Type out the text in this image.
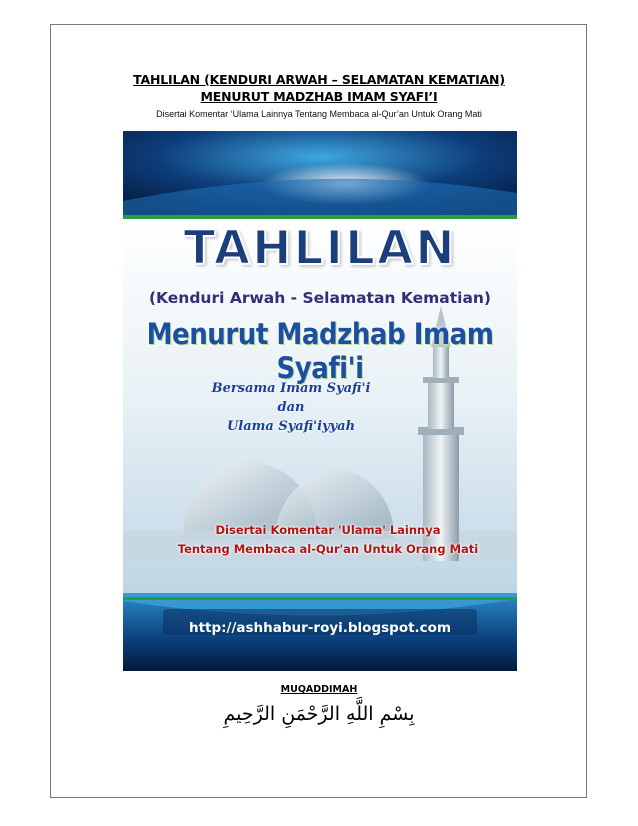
TAHLILAN (KENDURI ARWAH – SELAMATAN KEMATIAN)
MENURUT MADZHAB IMAM SYAFI’I
Disertai Komentar ‘Ulama Lainnya Tentang Membaca al-Qur’an Untuk Orang Mati
TAHLILAN
(Kenduri Arwah - Selamatan Kematian)
Menurut Madzhab Imam Syafi'i
Bersama Imam Syafi'i dan
Ulama Syafi'iyyah
Disertai Komentar 'Ulama' Lainnya
Tentang Membaca al-Qur'an Untuk Orang Mati
http://ashhabur-royi.blogspot.com
MUQADDIMAH
بِسْمِ اللَّهِ الرَّحْمَنِ الرَّحِيمِ
